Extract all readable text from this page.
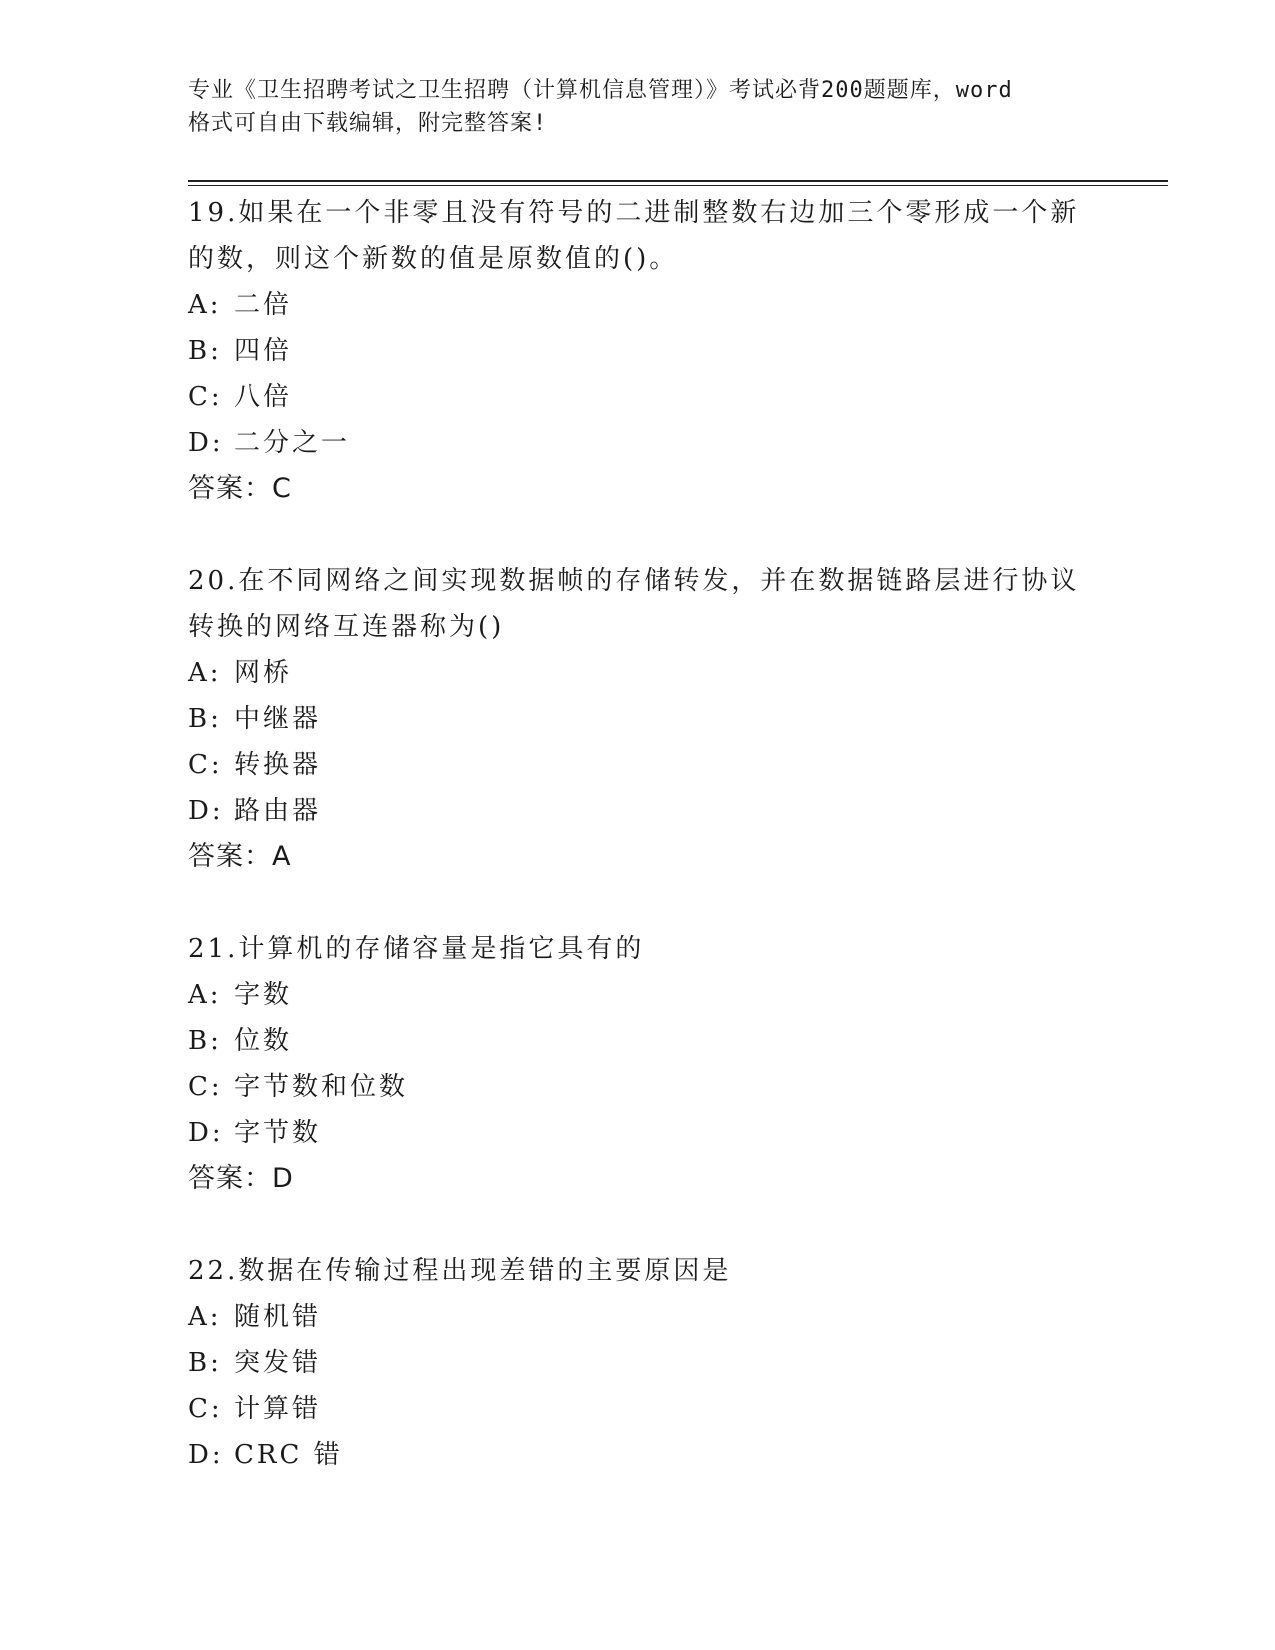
专业《卫生招聘考试之卫生招聘（计算机信息管理）》考试必背200题题库，word
格式可自由下载编辑，附完整答案!
19.如果在一个非零且没有符号的二进制整数右边加三个零形成一个新的数，则这个新数的值是原数值的()。
A: 二倍
B: 四倍
C: 八倍
D: 二分之一
答案：C
20.在不同网络之间实现数据帧的存储转发，并在数据链路层进行协议转换的网络互连器称为()
A: 网桥
B: 中继器
C: 转换器
D: 路由器
答案：A
21.计算机的存储容量是指它具有的
A: 字数
B: 位数
C: 字节数和位数
D: 字节数
答案：D
22.数据在传输过程出现差错的主要原因是
A: 随机错
B: 突发错
C: 计算错
D: CRC 错
